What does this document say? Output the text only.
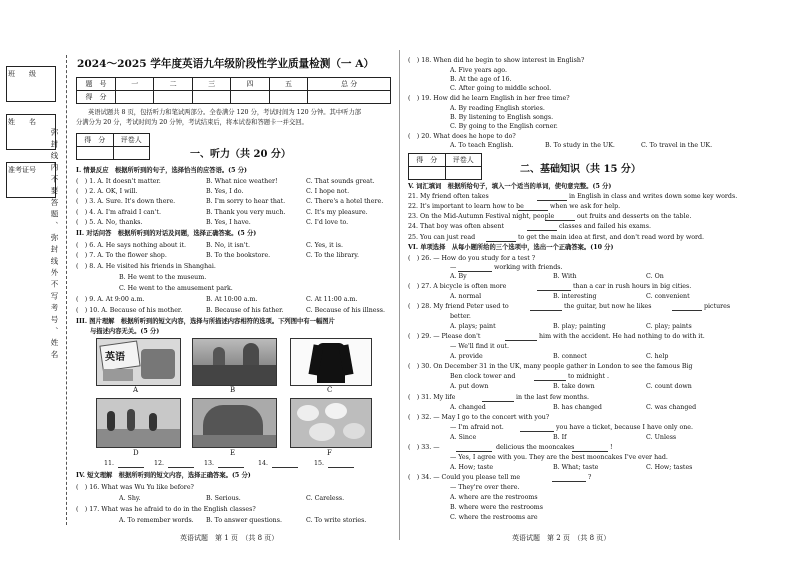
班　　级
姓　　名
准考证号 弥封线内不要答题、弥封线外不写考号、姓名
2024～2025 学年度英语九年级阶段性学业质量检测（一 A）
题　号	一	二	三	四	五	总 分
得　分						
英语试题共 8 页，包括听力和笔试两部分。全卷满分 120 分，考试时间为 120 分钟。其中听力部
分满分为 20 分，考试时间为 20 分钟，考试结束后，将本试卷和答题卡一并交回。
得　分	评卷人

一、听力（共 20 分）
I. 情景反应　根据所听到的句子，选择恰当的应答语。(5 分)
(　) 1. A. It doesn't matter.	B. What nice weather!	C. That sounds great.
(　) 2. A. OK, I will.	B. Yes, I do.	C. I hope not.
(　) 3. A. Sure. It's down there.	B. I'm sorry to hear that.	C. There's a hotel there.
(　) 4. A. I'm afraid I can't.	B. Thank you very much.	C. It's my pleasure.
(　) 5. A. No, thanks.	B. Yes, I have.	C. I'd love to.
II. 对话问答　根据所听到的对话及问题，选择正确答案。(5 分)
(　) 6. A. He says nothing about it.	B. No, it isn't.	C. Yes, it is.
(　) 7. A. To the flower shop.	B. To the bookstore.	C. To the library.
(　) 8. A. He visited his friends in Shanghai.
B. He went to the museum.
C. He went to the amusement park.
(　) 9. A. At 9:00 a.m.	B. At 10:00 a.m.	C. At 11:00 a.m.
(　) 10. A. Because of his mother.	B. Because of his father.	C. Because of his illness.
III. 图片理解　根据所听到的短文内容，选择与所描述内容相符的选项。下列图中有一幅图片
与描述内容无关。(5 分)
英语
A	B	C
D	E	F
11.	12.	13.	14.	15.
IV. 短文理解　根据所听到的短文内容，选择正确答案。(5 分)
(　) 16. What was Wu Yu like before?
A. Shy.	B. Serious.	C. Careless.
(　) 17. What was he afraid to do in the English classes?
A. To remember words. B. To answer questions.	C. To write stories.
英语试题　第 1 页　（共 8 页）
(　) 18. When did he begin to show interest in English?
A. Five years ago.
B. At the age of 16.
C. After going to middle school.
(　) 19. How did he learn English in her free time?
A. By reading English stories.
B. By listening to English songs.
C. By going to the English corner.
(　) 20. What does he hope to do?
A. To teach English.	B. To study in the UK.	C. To travel in the UK.
得　分	评卷人

二、基础知识（共 15 分）
V. 词汇填词　根据所给句子，填入一个适当的单词，使句意完整。(5 分)
21. My friend often takes	in English in class and writes down some key words.
22. It's important to learn how to be	when we ask for help.
23. On the Mid-Autumn Festival night, people	out fruits and desserts on the table.
24. That boy was often absent	classes and failed his exams.
25. You can just read	to get the main idea at first, and don't read word by word.
VI. 单项选择　从每小题所给的三个选项中，选出一个正确答案。(10 分)
(　) 26. — How do you study for a test ?
—	working with friends.
A. By	B. With	C. On
(　) 27. A bicycle is often more	than a car in rush hours in big cities.
A. normal	B. interesting	C. convenient
(　) 28. My friend Peter used to	the guitar, but now he likes	pictures
better.
A. plays; paint	B. play; painting	C. play; paints
(　) 29. — Please don't	him with the accident. He had nothing to do with it.
— We'll find it out.
A. provide	B. connect	C. help
(　) 30. On December 31 in the UK, many people gather in London to see the famous Big
Ben clock tower and	to midnight .
A. put down	B. take down	C. count down
(　) 31. My life	in the last few months.
A. changed	B. has changed	C. was changed
(　) 32. — May I go to the concert with you?
— I'm afraid not.	you have a ticket, because I have only one.
A. Since	B. If	C. Unless
(　) 33. —	delicious the mooncakes	!
— Yes, I agree with you. They are the best mooncakes I've ever had.
A. How; taste	B. What; taste	C. How; tastes
(　) 34. — Could you please tell me	?
— They're over there.
A. where are the restrooms
B. where were the restrooms
C. where the restrooms are
英语试题　第 2 页　（共 8 页）
